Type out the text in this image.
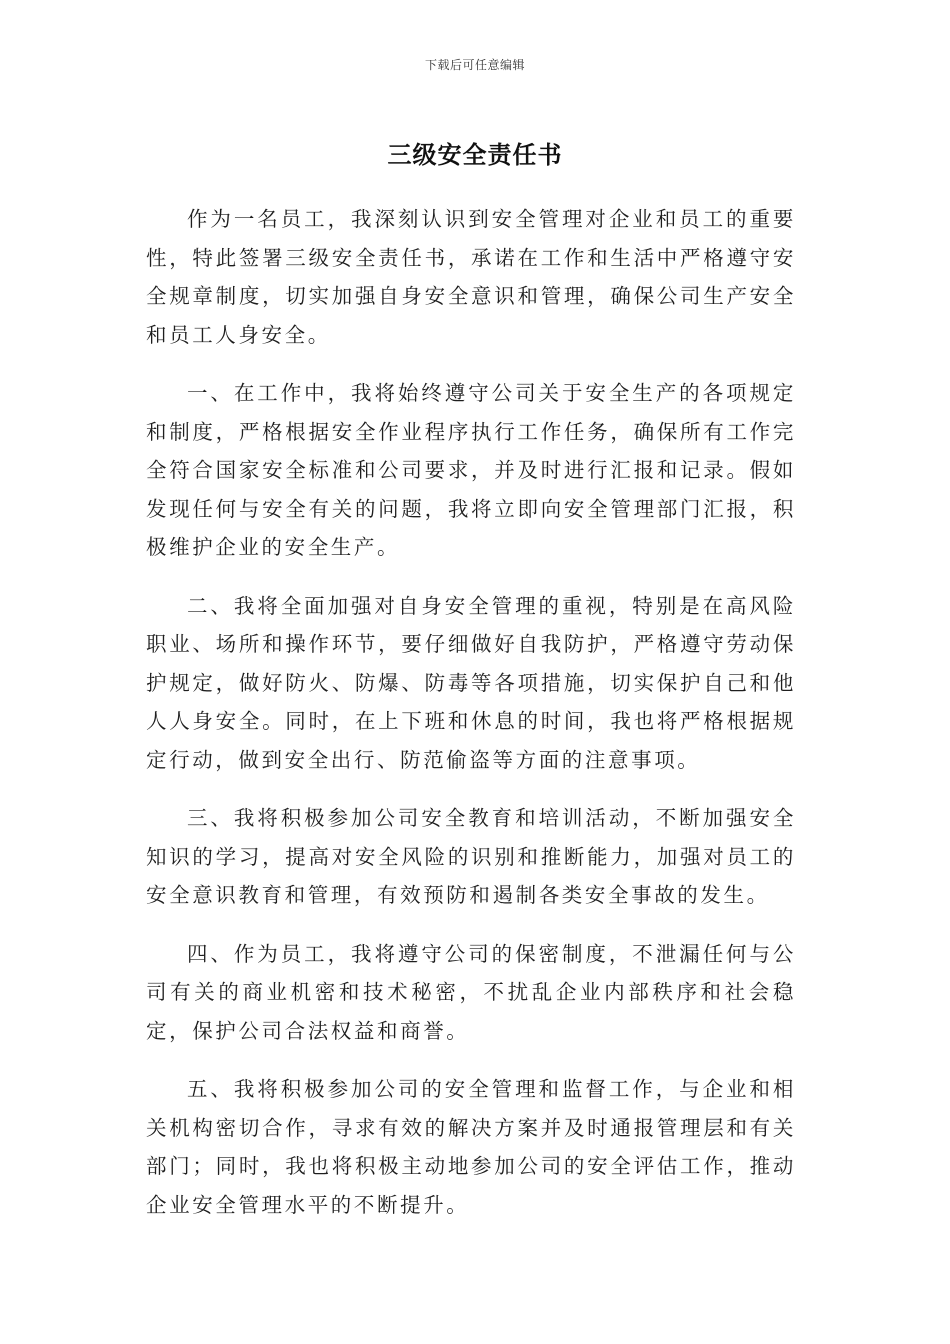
下载后可任意编辑
三级安全责任书

作为一名员工，我深刻认识到安全管理对企业和员工的重要性，特此签署三级安全责任书，承诺在工作和生活中严格遵守安全规章制度，切实加强自身安全意识和管理，确保公司生产安全和员工人身安全。

一、在工作中，我将始终遵守公司关于安全生产的各项规定和制度，严格根据安全作业程序执行工作任务，确保所有工作完全符合国家安全标准和公司要求，并及时进行汇报和记录。假如发现任何与安全有关的问题，我将立即向安全管理部门汇报，积极维护企业的安全生产。

二、我将全面加强对自身安全管理的重视，特别是在高风险职业、场所和操作环节，要仔细做好自我防护，严格遵守劳动保护规定，做好防火、防爆、防毒等各项措施，切实保护自己和他人人身安全。同时，在上下班和休息的时间，我也将严格根据规定行动，做到安全出行、防范偷盗等方面的注意事项。

三、我将积极参加公司安全教育和培训活动，不断加强安全知识的学习，提高对安全风险的识别和推断能力，加强对员工的安全意识教育和管理，有效预防和遏制各类安全事故的发生。

四、作为员工，我将遵守公司的保密制度，不泄漏任何与公司有关的商业机密和技术秘密，不扰乱企业内部秩序和社会稳定，保护公司合法权益和商誉。

五、我将积极参加公司的安全管理和监督工作，与企业和相关机构密切合作，寻求有效的解决方案并及时通报管理层和有关部门；同时，我也将积极主动地参加公司的安全评估工作，推动企业安全管理水平的不断提升。
